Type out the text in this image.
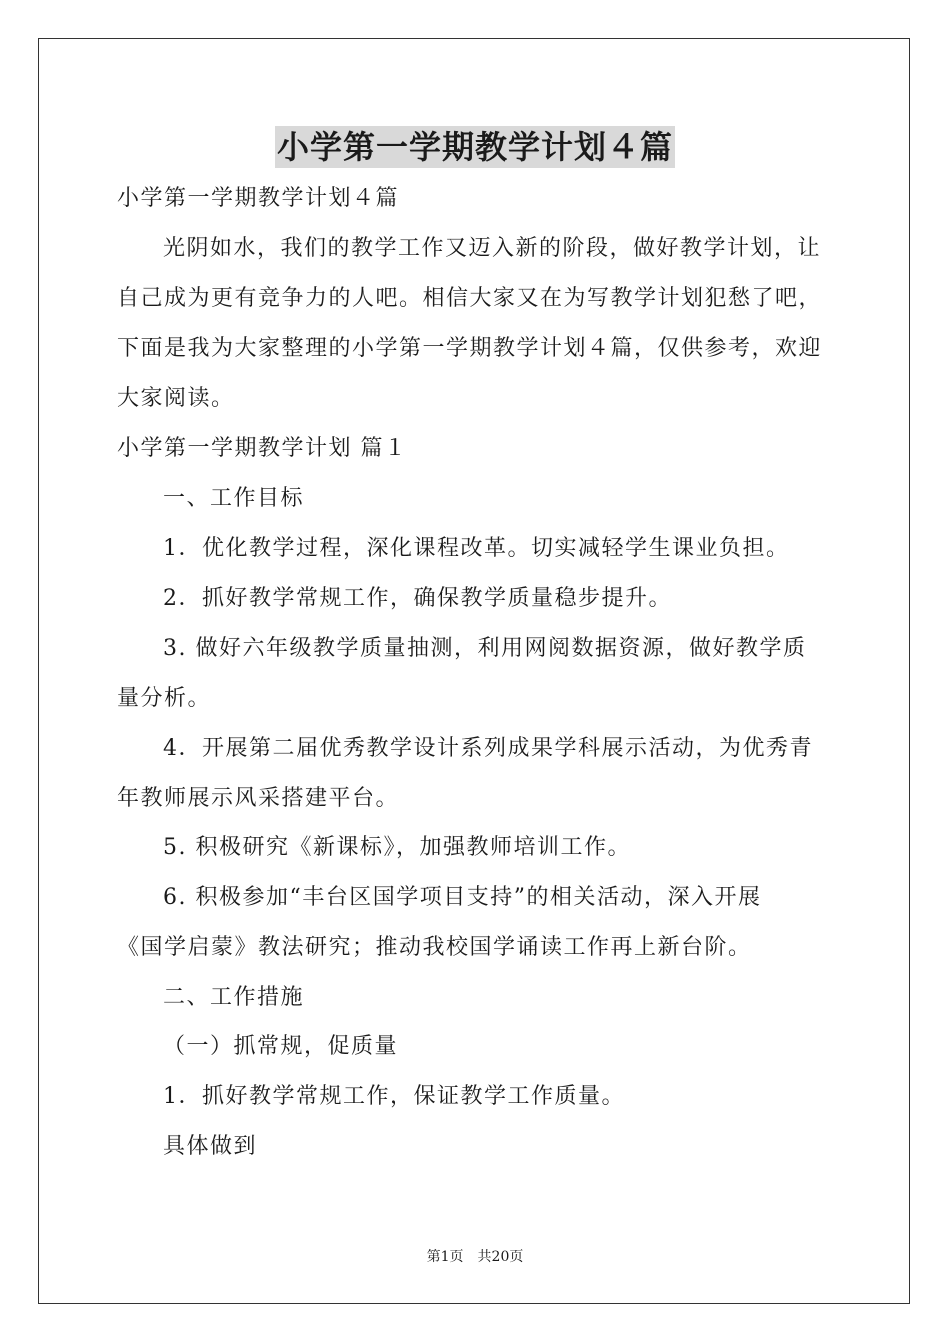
小学第一学期教学计划４篇
小学第一学期教学计划４篇
光阴如水，我们的教学工作又迈入新的阶段，做好教学计划，让
自己成为更有竞争力的人吧。相信大家又在为写教学计划犯愁了吧，
下面是我为大家整理的小学第一学期教学计划４篇，仅供参考，欢迎
大家阅读。
小学第一学期教学计划 篇１
一、工作目标
1．优化教学过程，深化课程改革。切实减轻学生课业负担。
2．抓好教学常规工作，确保教学质量稳步提升。
3. 做好六年级教学质量抽测，利用网阅数据资源，做好教学质
量分析。
4．开展第二届优秀教学设计系列成果学科展示活动，为优秀青
年教师展示风采搭建平台。
5. 积极研究《新课标》，加强教师培训工作。
6. 积极参加“丰台区国学项目支持”的相关活动，深入开展
《国学启蒙》教法研究；推动我校国学诵读工作再上新台阶。
二、工作措施
（一）抓常规，促质量
1．抓好教学常规工作，保证教学工作质量。
具体做到
第1页　共20页
